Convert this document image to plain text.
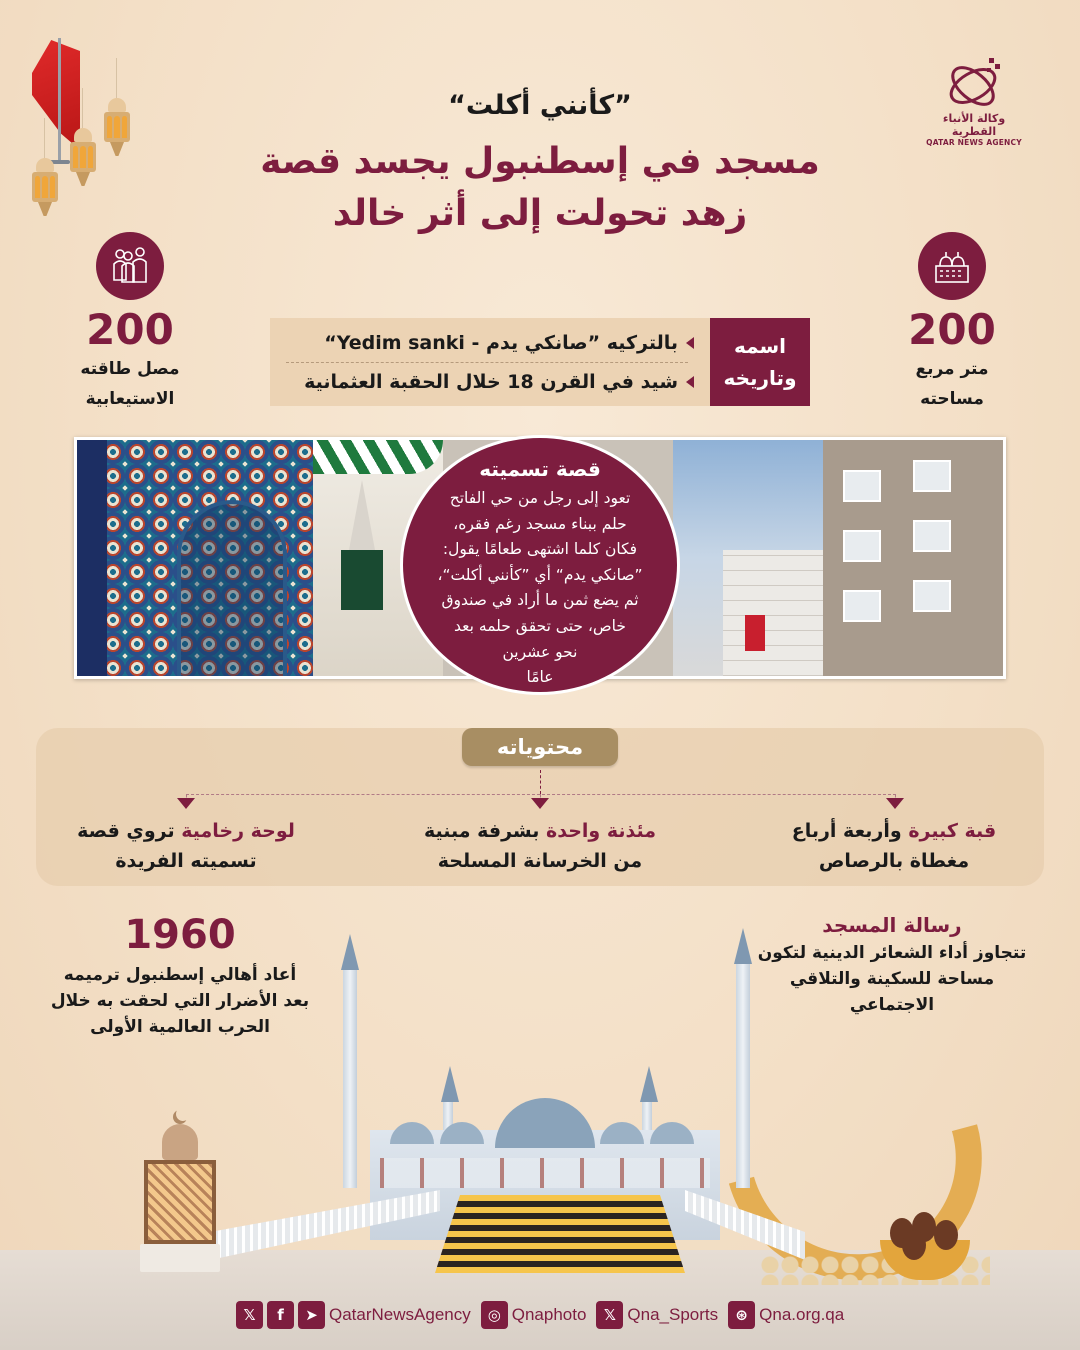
وكالة الأنباء القطرية
QATAR NEWS AGENCY
”كأنني أكلت“
مسجد في إسطنبول يجسد قصة
زهد تحولت إلى أثر خالد
200
مصل طاقته
الاستيعابية
200
متر مربع
مساحته
اسمه
وتاريخه
بالتركيه ”صانكي يدم - Yedim sanki“
شيد في القرن 18 خلال الحقبة العثمانية
قصة تسميته
تعود إلى رجل من حي الفاتح
حلم ببناء مسجد رغم فقره،
فكان كلما اشتهى طعامًا يقول:
”صانكي يدم“ أي ”كأنني أكلت“،
ثم يضع ثمن ما أراد في صندوق
خاص، حتى تحقق حلمه بعد
نحو عشرين
عامًا
محتوياته
قبة كبيرة وأربعة أرباع
مغطاة بالرصاص
مئذنة واحدة بشرفة مبنية
من الخرسانة المسلحة
لوحة رخامية تروي قصة
تسميته الفريدة
1960
أعاد أهالي إسطنبول ترميمه
بعد الأضرار التي لحقت به خلال
الحرب العالمية الأولى
رسالة المسجد
تتجاوز أداء الشعائر الدينية لتكون
مساحة للسكينة والتلاقي
الاجتماعي
𝕏	f	➤ QatarNewsAgency	◎ Qnaphoto	𝕏 Qna_Sports	⊛ Qna.org.qa
